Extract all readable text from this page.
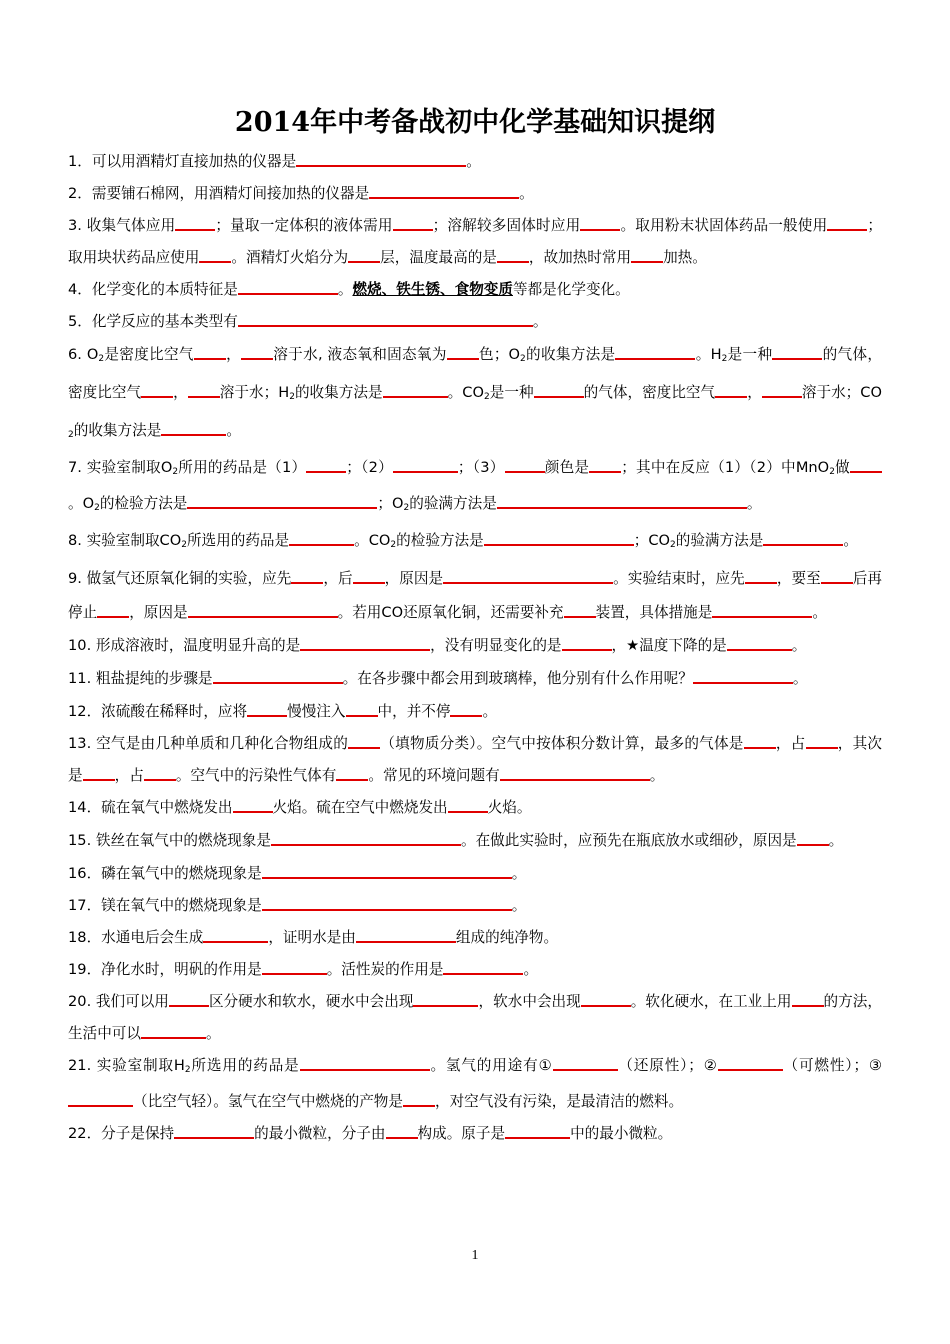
2014年中考备战初中化学基础知识提纲

1．可以用酒精灯直接加热的仪器是	。

2．需要铺石棉网，用酒精灯间接加热的仪器是	。

3. 收集气体应用	；量取一定体积的液体需用	；溶解较多固体时应用	。取用粉末状固体药品一般使用	；取用块状药品应使用 。酒精灯火焰分为 层，温度最高的是 ，故加热时常用 加热。

4．化学变化的本质特征是	。燃烧、铁生锈、食物变质等都是化学变化。

5．化学反应的基本类型有	。

6. $O_2$是密度比空气 ， 溶于水, 液态氧和固态氧为 色；$O_2$的收集方法是	。$H_2$是一种	的气体，密度比空气 ， 溶于水；$H_2$的收集方法是	。$CO_2$是一种	的气体，密度比空气 ，	溶于水；$CO_2$的收集方法是	。

7. 实验室制取$O_2$所用的药品是（1）	；（2）	；（3）	颜色是 ；其中在反应（1）（2）中MnO$_2$做。$O_2$的检验方法是	；$O_2$的验满方法是	。

8. 实验室制取$CO_2$所选用的药品是	。$CO_2$的检验方法是	；$CO_2$的验满方法是	。

9. 做氢气还原氧化铜的实验，应先 ，后 ，原因是	。实验结束时，应先 ，要至 后再停止 ，原因是	。若用CO还原氧化铜，还需要补充 装置，具体措施是	。

10. 形成溶液时，温度明显升高的是	，没有明显变化的是	，★温度下降的是	。

11. 粗盐提纯的步骤是	。在各步骤中都会用到玻璃棒，他分别有什么作用呢？	。

12．浓硫酸在稀释时，应将	慢慢注入 中，并不停 。

13. 空气是由几种单质和几种化合物组成的 （填物质分类）。空气中按体积分数计算，最多的气体是 ，占 ，其次是 ，占 。空气中的污染性气体有 。常见的环境问题有	。

14．硫在氧气中燃烧发出	火焰。硫在空气中燃烧发出	火焰。

15. 铁丝在氧气中的燃烧现象是	。在做此实验时，应预先在瓶底放水或细砂，原因是 。

16．磷在氧气中的燃烧现象是	。

17．镁在氧气中的燃烧现象是	。

18．水通电后会生成	，证明水是由	组成的纯净物。

19．净化水时，明矾的作用是	。活性炭的作用是	。

20. 我们可以用	区分硬水和软水，硬水中会出现	，软水中会出现	。软化硬水，在工业上用 的方法，生活中可以	。

21. 实验室制取$H_2$所选用的药品是	。氢气的用途有①	（还原性）；②	（可燃性）；③（比空气轻）。氢气在空气中燃烧的产物是 ，对空气没有污染，是最清洁的燃料。

22．分子是保持	的最小微粒，分子由 构成。原子是	中的最小微粒。

1
